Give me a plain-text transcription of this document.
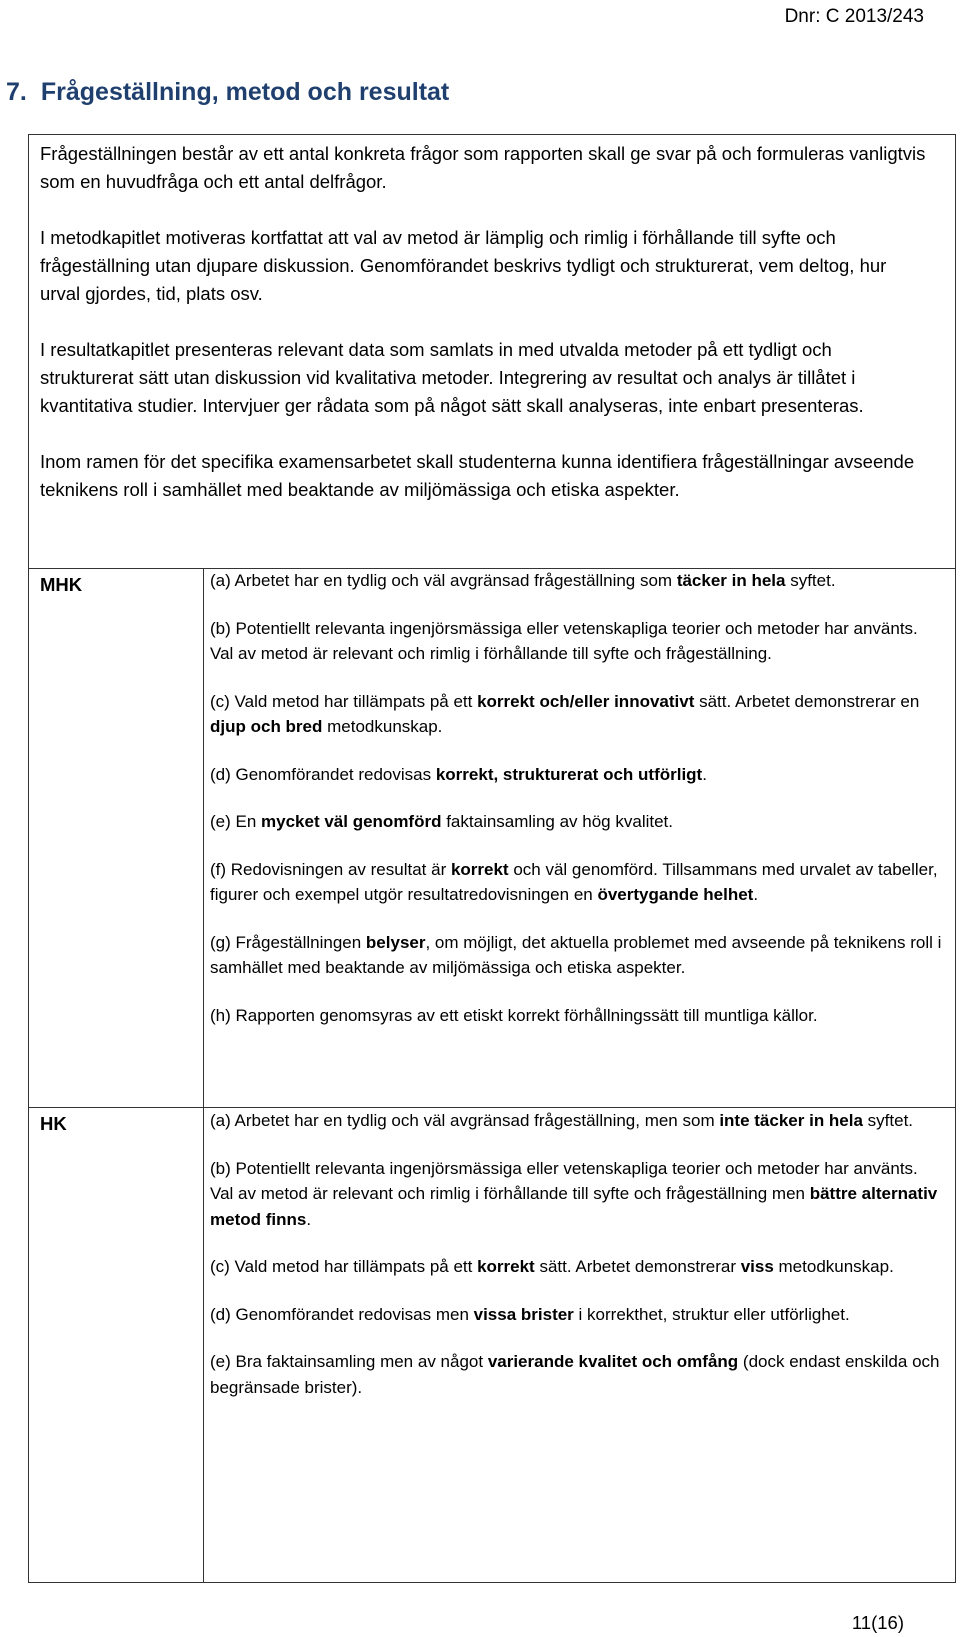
Dnr: C 2013/243
7. Frågeställning, metod och resultat

Frågeställningen består av ett antal konkreta frågor som rapporten skall ge svar på och formuleras vanligtvis som en huvudfråga och ett antal delfrågor.

I metodkapitlet motiveras kortfattat att val av metod är lämplig och rimlig i förhållande till syfte och frågeställning utan djupare diskussion. Genomförandet beskrivs tydligt och strukturerat, vem deltog, hur urval gjordes, tid, plats osv.

I resultatkapitlet presenteras relevant data som samlats in med utvalda metoder på ett tydligt och strukturerat sätt utan diskussion vid kvalitativa metoder. Integrering av resultat och analys är tillåtet i kvantitativa studier. Intervjuer ger rådata som på något sätt skall analyseras, inte enbart presenteras.

Inom ramen för det specifika examensarbetet skall studenterna kunna identifiera frågeställningar avseende teknikens roll i samhället med beaktande av miljömässiga och etiska aspekter.

MHK	(a) Arbetet har en tydlig och väl avgränsad frågeställning som täcker in hela syftet.
(b) Potentiellt relevanta ingenjörsmässiga eller vetenskapliga teorier och metoder har använts. Val av metod är relevant och rimlig i förhållande till syfte och frågeställning.
(c) Vald metod har tillämpats på ett korrekt och/eller innovativt sätt. Arbetet demonstrerar en djup och bred metodkunskap.
(d) Genomförandet redovisas korrekt, strukturerat och utförligt.
(e) En mycket väl genomförd faktainsamling av hög kvalitet.
(f) Redovisningen av resultat är korrekt och väl genomförd. Tillsammans med urvalet av tabeller, figurer och exempel utgör resultatredovisningen en övertygande helhet.
(g) Frågeställningen belyser, om möjligt, det aktuella problemet med avseende på teknikens roll i samhället med beaktande av miljömässiga och etiska aspekter.
(h) Rapporten genomsyras av ett etiskt korrekt förhållningssätt till muntliga källor.
HK	(a) Arbetet har en tydlig och väl avgränsad frågeställning, men som inte täcker in hela syftet.
(b) Potentiellt relevanta ingenjörsmässiga eller vetenskapliga teorier och metoder har använts. Val av metod är relevant och rimlig i förhållande till syfte och frågeställning men bättre alternativ metod finns.
(c) Vald metod har tillämpats på ett korrekt sätt. Arbetet demonstrerar viss metodkunskap.
(d) Genomförandet redovisas men vissa brister i korrekthet, struktur eller utförlighet.
(e) Bra faktainsamling men av något varierande kvalitet och omfång (dock endast enskilda och begränsade brister).
11(16)
